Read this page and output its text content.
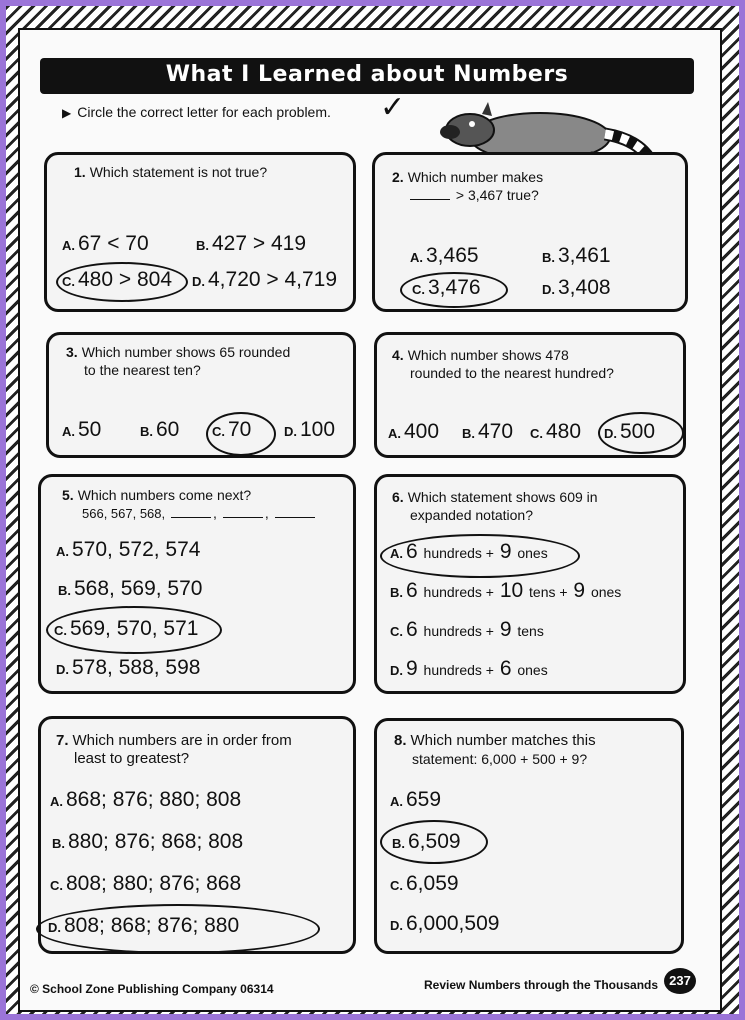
What I Learned about Numbers
▶ Circle the correct letter for each problem. ✓
1. Which statement is not true?
A. 67 < 70	B. 427 > 419
C. 480 > 804 D. 4,720 > 4,719
2. Which number makes
> 3,467 true?
A. 3,465	B. 3,461
C. 3,476	D. 3,408
3. Which number shows 65 rounded
to the nearest ten?
A. 50	B. 60	C. 70	D. 100
4. Which number shows 478
rounded to the nearest hundred?
A. 400 B. 470 C. 480 D. 500
5. Which numbers come next?
566, 567, 568,	,	,
A. 570, 572, 574
B. 568, 569, 570
C. 569, 570, 571
D. 578, 588, 598
6. Which statement shows 609 in
expanded notation?
A. 6 hundreds + 9 ones
B. 6 hundreds + 10 tens + 9 ones
C. 6 hundreds + 9 tens
D. 9 hundreds + 6 ones
7. Which numbers are in order from
least to greatest?
A. 868; 876; 880; 808
B. 880; 876; 868; 808
C. 808; 880; 876; 868
D. 808; 868; 876; 880
8. Which number matches this
statement: 6,000 + 500 + 9?
A. 659
B. 6,509
C. 6,059
D. 6,000,509
© School Zone Publishing Company 06314	Review Numbers through the Thousands 237
